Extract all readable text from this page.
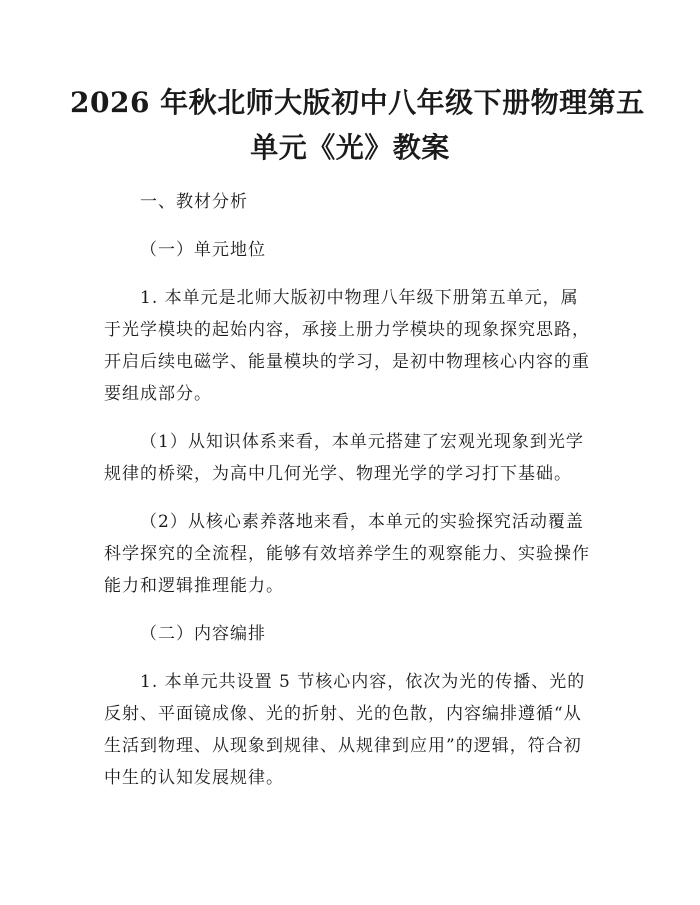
2026 年秋北师大版初中八年级下册物理第五
单元《光》教案

一、教材分析

（一）单元地位

1. 本单元是北师大版初中物理八年级下册第五单元，属

于光学模块的起始内容，承接上册力学模块的现象探究思路，

开启后续电磁学、能量模块的学习，是初中物理核心内容的重

要组成部分。

（1）从知识体系来看，本单元搭建了宏观光现象到光学

规律的桥梁，为高中几何光学、物理光学的学习打下基础。

（2）从核心素养落地来看，本单元的实验探究活动覆盖

科学探究的全流程，能够有效培养学生的观察能力、实验操作

能力和逻辑推理能力。

（二）内容编排

1. 本单元共设置 5 节核心内容，依次为光的传播、光的

反射、平面镜成像、光的折射、光的色散，内容编排遵循“从

生活到物理、从现象到规律、从规律到应用”的逻辑，符合初

中生的认知发展规律。
